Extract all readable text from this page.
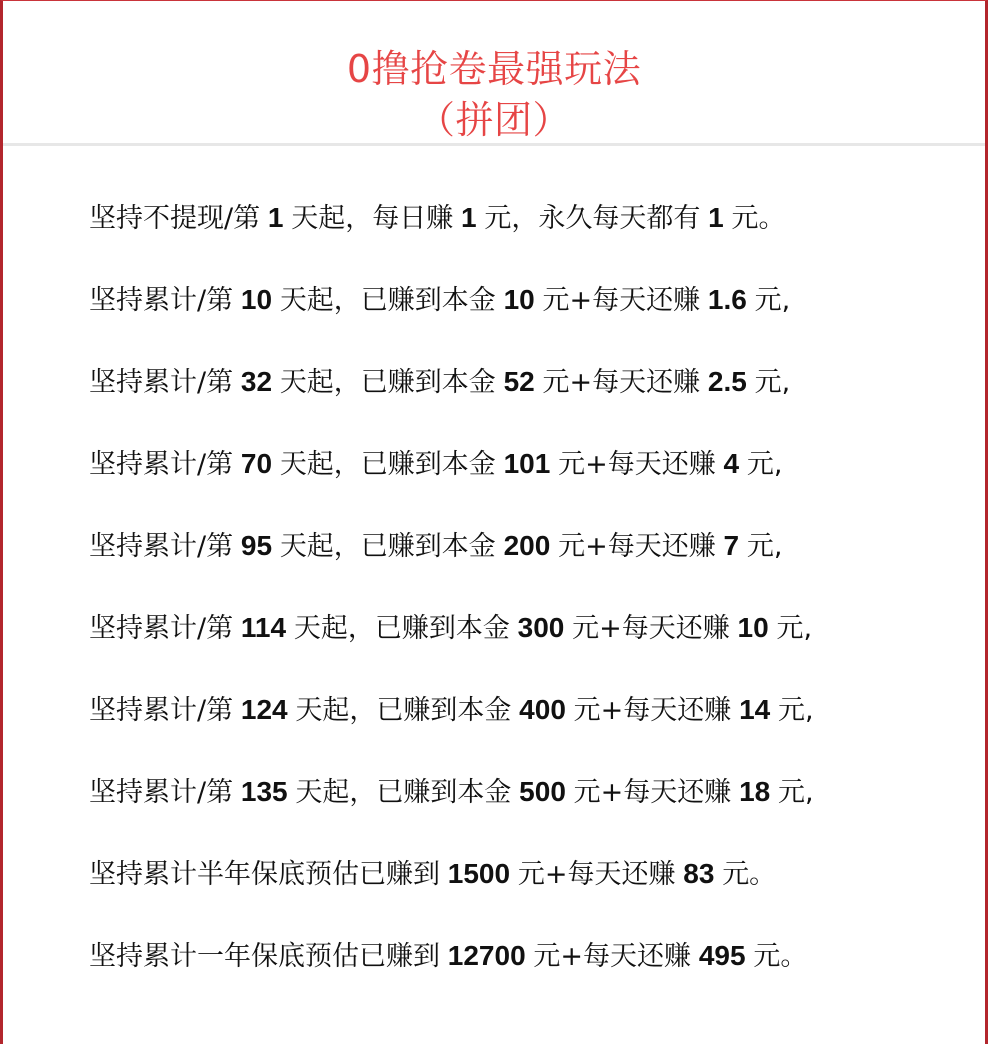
0撸抢卷最强玩法
（拼团）
坚持不提现/第 1 天起，每日赚 1 元，永久每天都有 1 元。
坚持累计/第 10 天起，已赚到本金 10 元+每天还赚 1.6 元,
坚持累计/第 32 天起，已赚到本金 52 元+每天还赚 2.5 元,
坚持累计/第 70 天起，已赚到本金 101 元+每天还赚 4 元,
坚持累计/第 95 天起，已赚到本金 200 元+每天还赚 7 元,
坚持累计/第 114 天起，已赚到本金 300 元+每天还赚 10 元,
坚持累计/第 124 天起，已赚到本金 400 元+每天还赚 14 元,
坚持累计/第 135 天起，已赚到本金 500 元+每天还赚 18 元,
坚持累计半年保底预估已赚到 1500 元+每天还赚 83 元。
坚持累计一年保底预估已赚到 12700 元+每天还赚 495 元。
